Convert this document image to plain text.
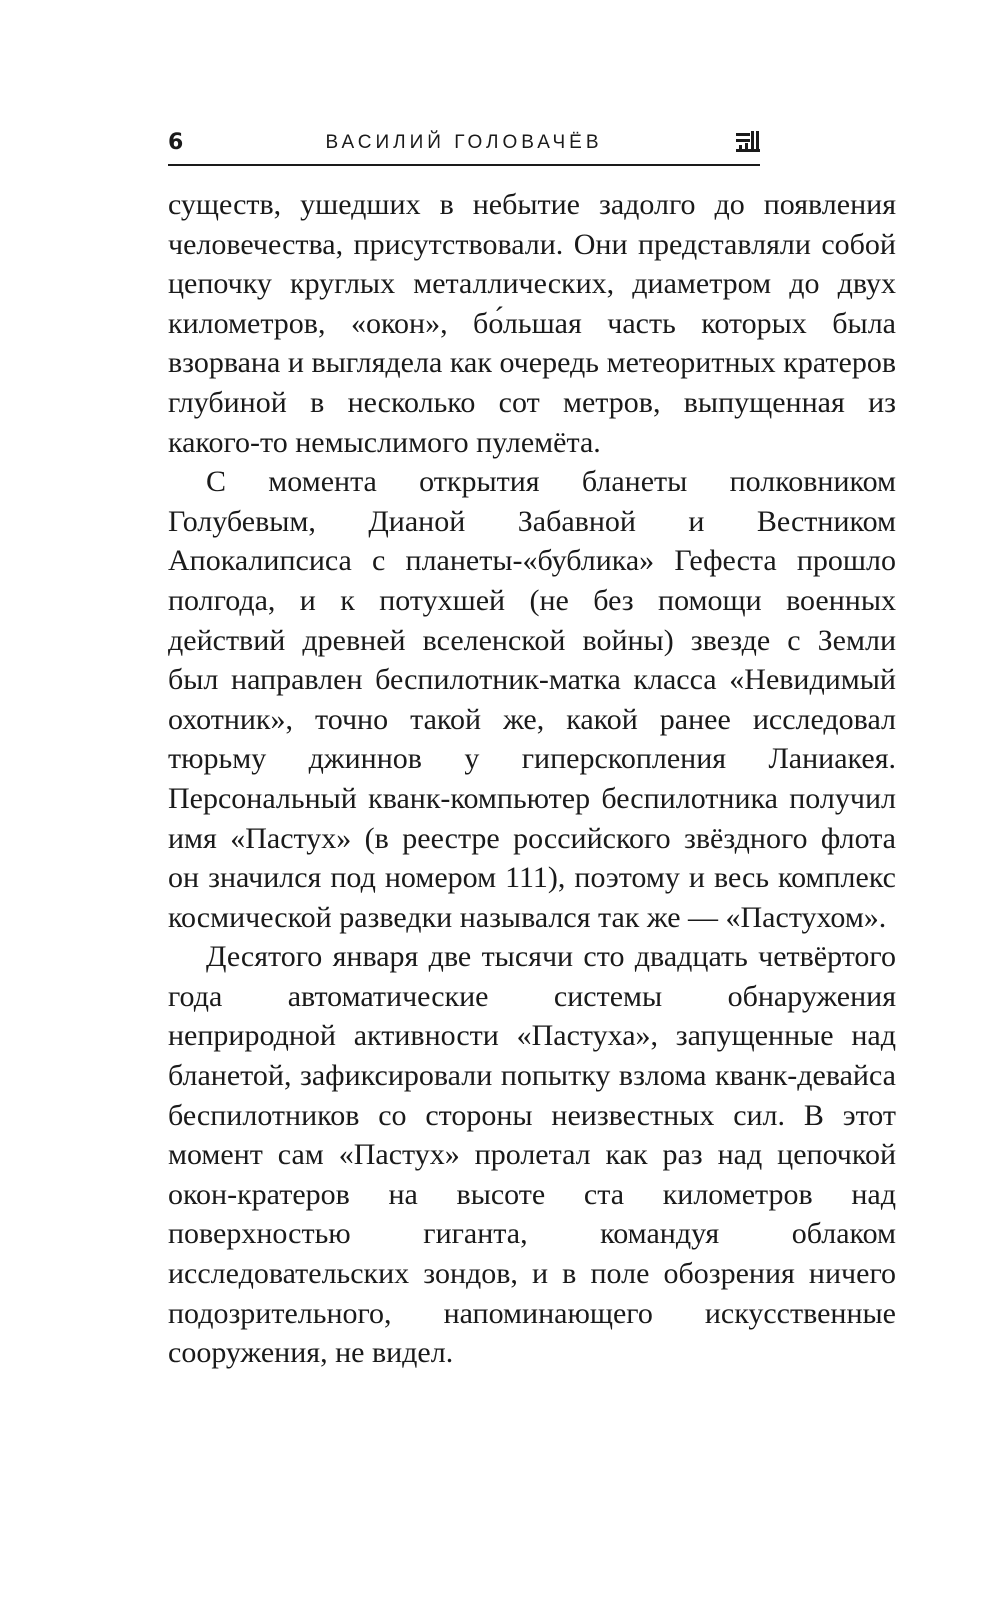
6	ВАСИЛИЙ ГОЛОВАЧЁВ

существ, ушедших в небытие задолго до появления человечества, присутствовали. Они представляли собой цепочку круглых металлических, диаметром до двух километров, «окон», бо́льшая часть которых была взорвана и выглядела как очередь метеоритных кратеров глубиной в несколько сот метров, выпущенная из какого-то немыслимого пулемёта.

С момента открытия бланеты полковником Голубевым, Дианой Забавной и Вестником Апокалипсиса с планеты-«бублика» Гефеста прошло полгода, и к потухшей (не без помощи военных действий древней вселенской войны) звезде с Земли был направлен беспилотник-матка класса «Невидимый охотник», точно такой же, какой ранее исследовал тюрьму джиннов у гиперскопления Ланиакея. Персональный кванк-компьютер беспилотника получил имя «Пастух» (в реестре российского звёздного флота он значился под номером 111), поэтому и весь комплекс космической разведки назывался так же — «Пастухом».

Десятого января две тысячи сто двадцать четвёртого года автоматические системы обнаружения неприродной активности «Пастуха», запущенные над бланетой, зафиксировали попытку взлома кванк-девайса беспилотников со стороны неизвестных сил. В этот момент сам «Пастух» пролетал как раз над цепочкой окон-кратеров на высоте ста километров над поверхностью гиганта, командуя облаком исследовательских зондов, и в поле обозрения ничего подозрительного, напоминающего искусственные сооружения, не видел.
